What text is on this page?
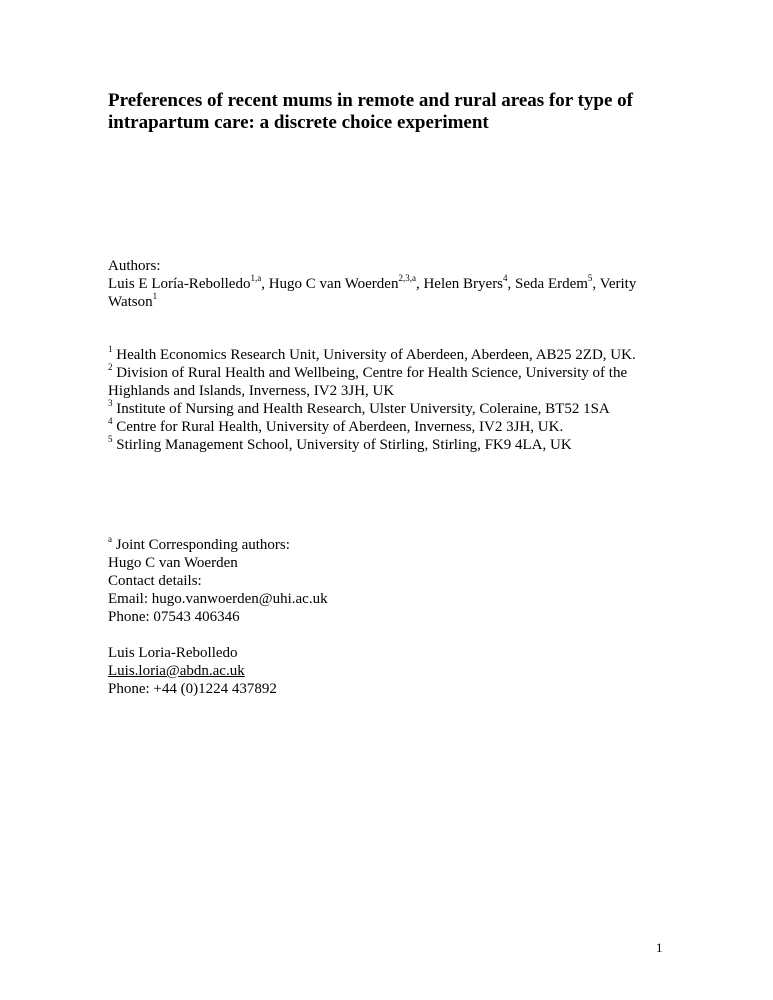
Preferences of recent mums in remote and rural areas for type of
intrapartum care: a discrete choice experiment
Authors:
Luis E Loría-Rebolledo$^{1,a}$, Hugo C van Woerden$^{2,3,a}$, Helen Bryers$^4$, Seda Erdem$^5$, Verity
Watson$^1$
$^1$ Health Economics Research Unit, University of Aberdeen, Aberdeen, AB25 2ZD, UK.
$^2$ Division of Rural Health and Wellbeing, Centre for Health Science, University of the
Highlands and Islands, Inverness, IV2 3JH, UK
$^3$ Institute of Nursing and Health Research, Ulster University, Coleraine, BT52 1SA
$^4$ Centre for Rural Health, University of Aberdeen, Inverness, IV2 3JH, UK.
$^5$ Stirling Management School, University of Stirling, Stirling, FK9 4LA, UK
$^a$ Joint Corresponding authors:
Hugo C van Woerden
Contact details:
Email: hugo.vanwoerden@uhi.ac.uk
Phone: 07543 406346

Luis Loria-Rebolledo
Luis.loria@abdn.ac.uk
Phone: +44 (0)1224 437892
1
